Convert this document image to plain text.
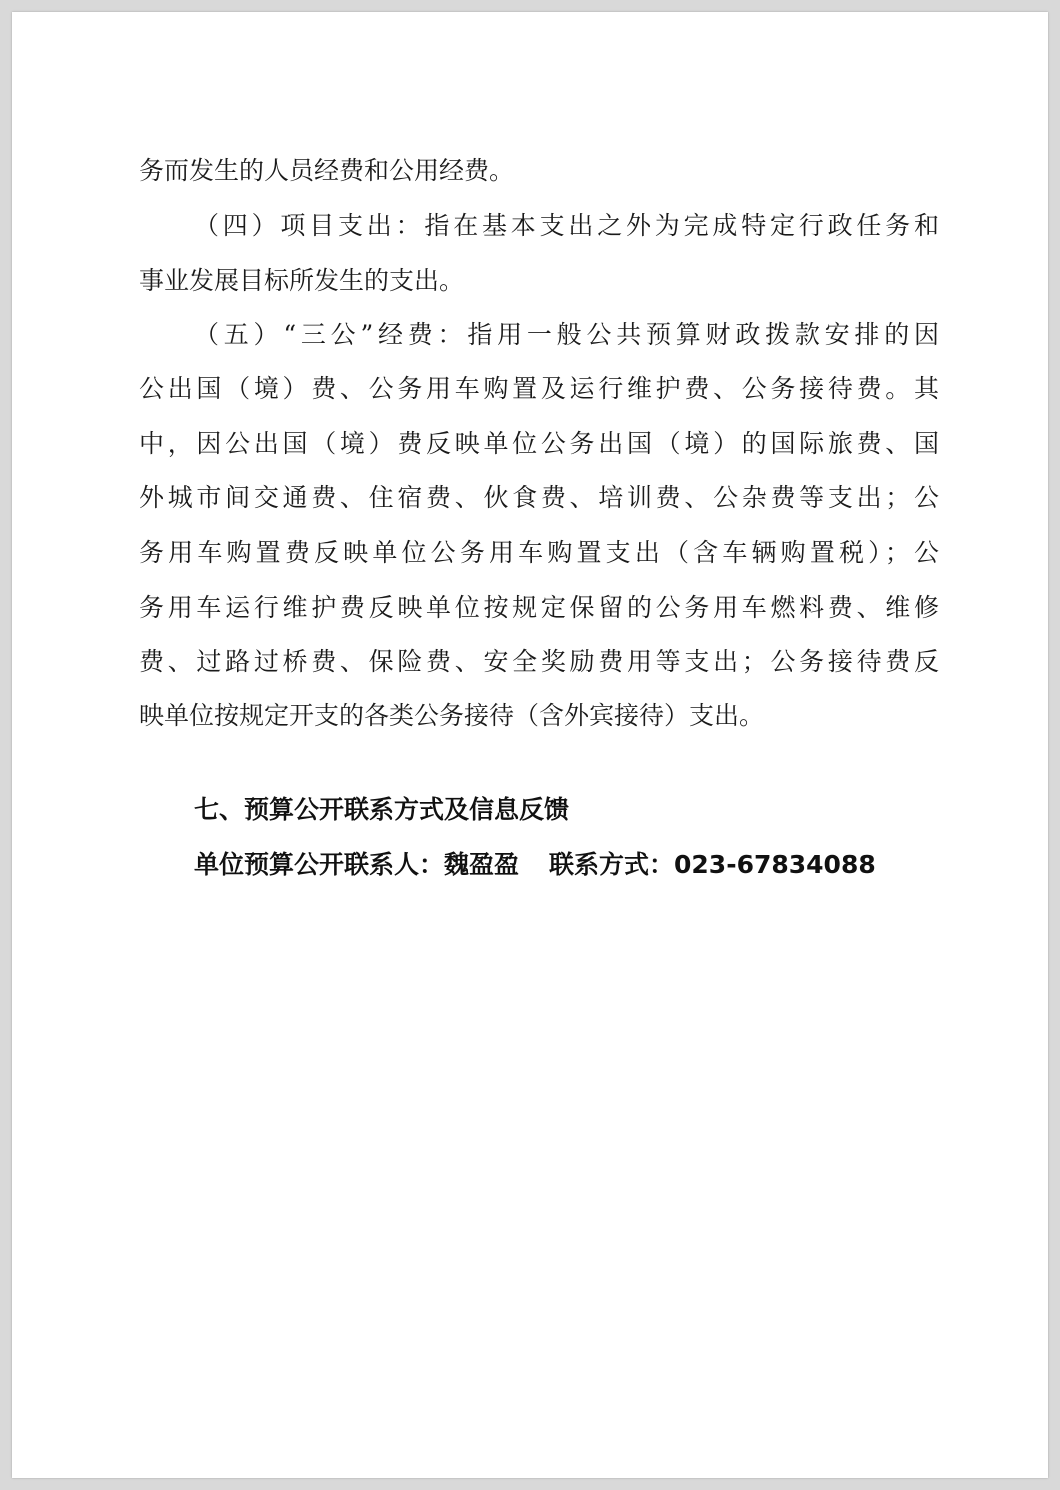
务而发生的人员经费和公用经费。
（四）项目支出：指在基本支出之外为完成特定行政任务和
事业发展目标所发生的支出。
（五）“三公”经费：指用一般公共预算财政拨款安排的因
公出国（境）费、公务用车购置及运行维护费、公务接待费。其
中，因公出国（境）费反映单位公务出国（境）的国际旅费、国
外城市间交通费、住宿费、伙食费、培训费、公杂费等支出；公
务用车购置费反映单位公务用车购置支出（含车辆购置税）；公
务用车运行维护费反映单位按规定保留的公务用车燃料费、维修
费、过路过桥费、保险费、安全奖励费用等支出；公务接待费反
映单位按规定开支的各类公务接待（含外宾接待）支出。
七、预算公开联系方式及信息反馈
单位预算公开联系人：魏盈盈 联系方式：023-67834088
